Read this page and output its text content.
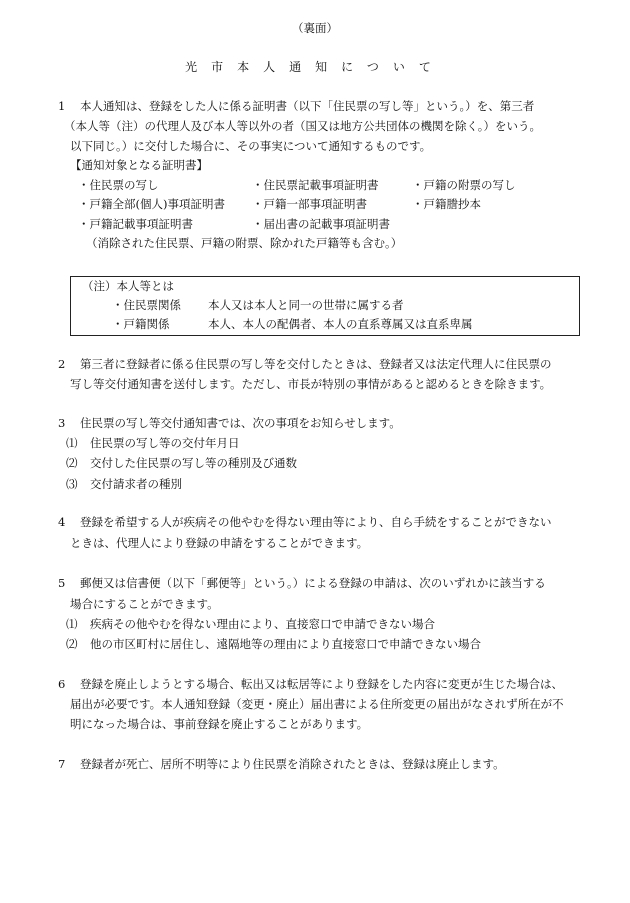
（裏面）
光市本人通知について
1 本人通知は、登録をした人に係る証明書（以下「住民票の写し等」という。）を、第三者
（本人等（注）の代理人及び本人等以外の者（国又は地方公共団体の機関を除く。）をいう。
以下同じ。）に交付した場合に、その事実について通知するものです。
【通知対象となる証明書】
・住民票の写し	・住民票記載事項証明書	・戸籍の附票の写し
・戸籍全部(個人)事項証明書 ・戸籍一部事項証明書	・戸籍謄抄本
・戸籍記載事項証明書	・届出書の記載事項証明書
（消除された住民票、戸籍の附票、除かれた戸籍等も含む。）
（注）本人等とは
・住民票関係 本人又は本人と同一の世帯に属する者
・戸籍関係	本人、本人の配偶者、本人の直系尊属又は直系卑属
2 第三者に登録者に係る住民票の写し等を交付したときは、登録者又は法定代理人に住民票の
写し等交付通知書を送付します。ただし、市長が特別の事情があると認めるときを除きます。
3 住民票の写し等交付通知書では、次の事項をお知らせします。
⑴ 住民票の写し等の交付年月日
⑵ 交付した住民票の写し等の種別及び通数
⑶ 交付請求者の種別
4 登録を希望する人が疾病その他やむを得ない理由等により、自ら手続をすることができない
ときは、代理人により登録の申請をすることができます。
5 郵便又は信書便（以下「郵便等」という。）による登録の申請は、次のいずれかに該当する
場合にすることができます。
⑴ 疾病その他やむを得ない理由により、直接窓口で申請できない場合
⑵ 他の市区町村に居住し、遠隔地等の理由により直接窓口で申請できない場合
6 登録を廃止しようとする場合、転出又は転居等により登録をした内容に変更が生じた場合は、
届出が必要です。本人通知登録（変更・廃止）届出書による住所変更の届出がなされず所在が不
明になった場合は、事前登録を廃止することがあります。
7 登録者が死亡、居所不明等により住民票を消除されたときは、登録は廃止します。
